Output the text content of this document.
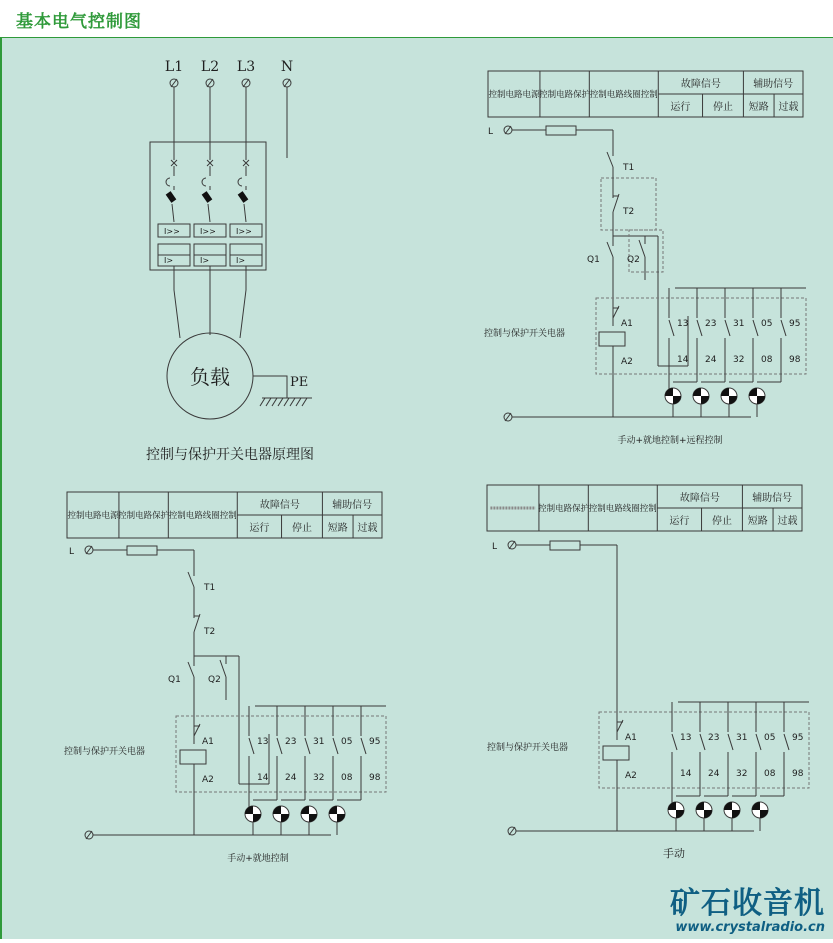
基本电气控制图
L1 L2 L3 N
I>>
I>
I>>
I>
I>>
I>
负载	PE
控制与保护开关电器原理图
控制电路电源 控制电路保护 控制电路线圈控制
故障信号	辅助信号
运行 停止 短路 过载
L
T1
T2
Q1	Q2
控制与保护开关电器
A1
A2
13
14
23
24
31
32
05
08
95
98
手动+就地控制+远程控制
控制电路电源 控制电路保护 控制电路线圈控制
故障信号	辅助信号
运行 停止 短路 过载
L
T1
T2
Q1	Q2
控制与保护开关电器
A1
A2
13
14
23
24
31
32
05
08
95
98
手动+就地控制
控制电路保护 控制电路线圈控制
故障信号	辅助信号
运行 停止 短路 过载
L
控制与保护开关电器
A1
A2
13
14
23
24
31
32
05
08
95
98
手动
矿石收音机
www.crystalradio.cn
